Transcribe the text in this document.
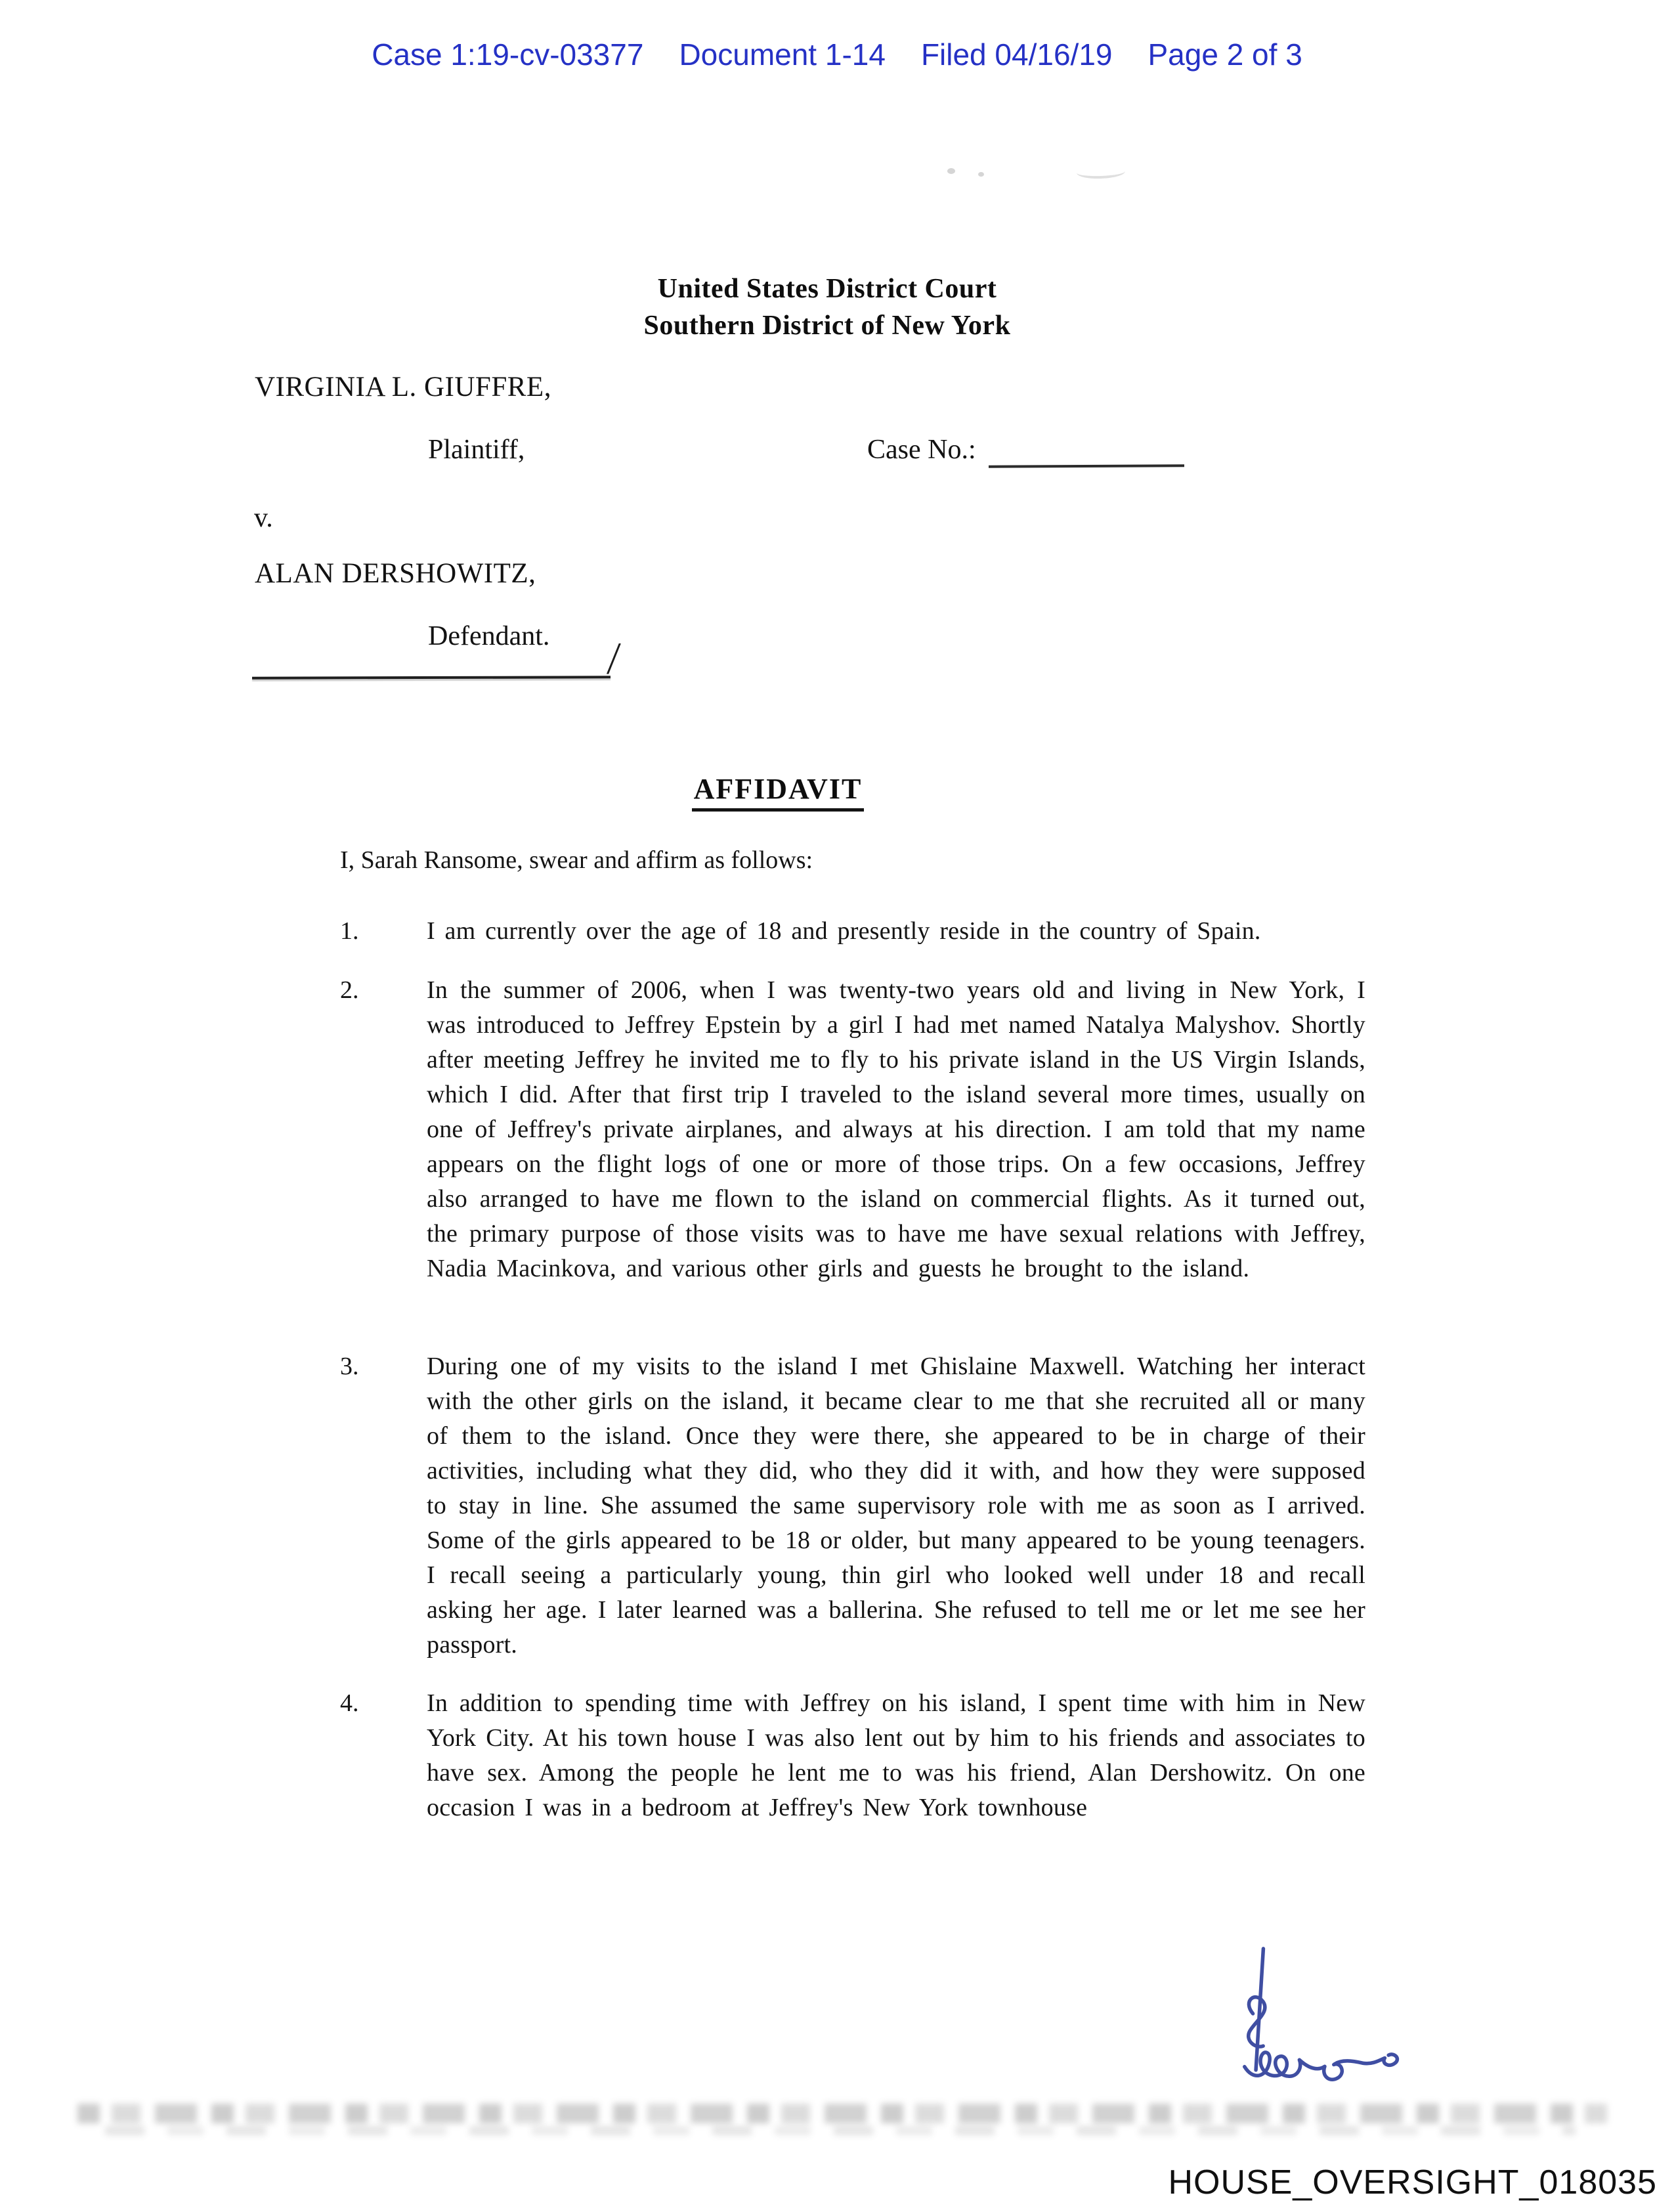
Case 1:19-cv-03377 Document 1-14 Filed 04/16/19 Page 2 of 3
United States District Court
Southern District of New York
VIRGINIA L. GIUFFRE,
Plaintiff,	Case No.:
v.
ALAN DERSHOWITZ,
Defendant. /
AFFIDAVIT
I, Sarah Ransome, swear and affirm as follows:
1.	I am currently over the age of 18 and presently reside in the country of Spain.
2.	In the summer of 2006, when I was twenty-two years old and living in New York, I was introduced to Jeffrey Epstein by a girl I had met named Natalya Malyshov. Shortly after meeting Jeffrey he invited me to fly to his private island in the US Virgin Islands, which I did. After that first trip I traveled to the island several more times, usually on one of Jeffrey's private airplanes, and always at his direction. I am told that my name appears on the flight logs of one or more of those trips. On a few occasions, Jeffrey also arranged to have me flown to the island on commercial flights. As it turned out, the primary purpose of those visits was to have me have sexual relations with Jeffrey, Nadia Macinkova, and various other girls and guests he brought to the island.
3.	During one of my visits to the island I met Ghislaine Maxwell. Watching her interact with the other girls on the island, it became clear to me that she recruited all or many of them to the island. Once they were there, she appeared to be in charge of their activities, including what they did, who they did it with, and how they were supposed to stay in line. She assumed the same supervisory role with me as soon as I arrived. Some of the girls appeared to be 18 or older, but many appeared to be young teenagers. I recall seeing a particularly young, thin girl who looked well under 18 and recall asking her age. I later learned was a ballerina. She refused to tell me or let me see her passport.
4.	In addition to spending time with Jeffrey on his island, I spent time with him in New York City. At his town house I was also lent out by him to his friends and associates to have sex. Among the people he lent me to was his friend, Alan Dershowitz. On one occasion I was in a bedroom at Jeffrey's New York townhouse
HOUSE_OVERSIGHT_018035
